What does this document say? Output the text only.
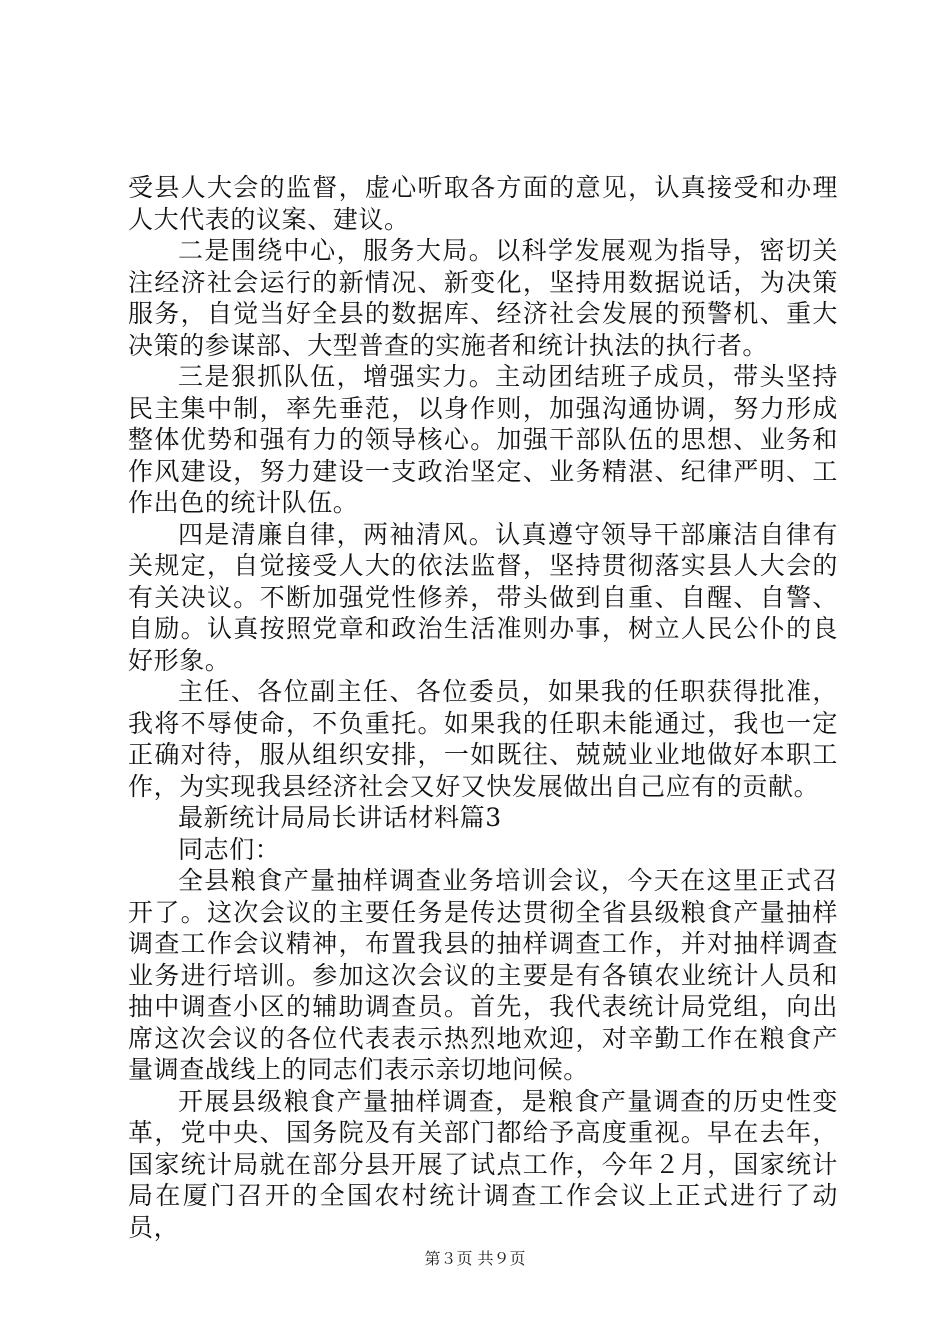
受县人大会的监督，虚心听取各方面的意见，认真接受和办理人大代表的议案、建议。

二是围绕中心，服务大局。以科学发展观为指导，密切关注经济社会运行的新情况、新变化，坚持用数据说话，为决策服务，自觉当好全县的数据库、经济社会发展的预警机、重大决策的参谋部、大型普查的实施者和统计执法的执行者。

三是狠抓队伍，增强实力。主动团结班子成员，带头坚持民主集中制，率先垂范，以身作则，加强沟通协调，努力形成整体优势和强有力的领导核心。加强干部队伍的思想、业务和作风建设，努力建设一支政治坚定、业务精湛、纪律严明、工作出色的统计队伍。

四是清廉自律，两袖清风。认真遵守领导干部廉洁自律有关规定，自觉接受人大的依法监督，坚持贯彻落实县人大会的有关决议。不断加强党性修养，带头做到自重、自醒、自警、自励。认真按照党章和政治生活准则办事，树立人民公仆的良好形象。

主任、各位副主任、各位委员，如果我的任职获得批准，我将不辱使命，不负重托。如果我的任职未能通过，我也一定正确对待，服从组织安排，一如既往、兢兢业业地做好本职工作，为实现我县经济社会又好又快发展做出自己应有的贡献。

最新统计局局长讲话材料篇3

同志们：

全县粮食产量抽样调查业务培训会议，今天在这里正式召开了。这次会议的主要任务是传达贯彻全省县级粮食产量抽样调查工作会议精神，布置我县的抽样调查工作，并对抽样调查业务进行培训。参加这次会议的主要是有各镇农业统计人员和抽中调查小区的辅助调查员。首先，我代表统计局党组，向出席这次会议的各位代表表示热烈地欢迎，对辛勤工作在粮食产量调查战线上的同志们表示亲切地问候。

开展县级粮食产量抽样调查，是粮食产量调查的历史性变革，党中央、国务院及有关部门都给予高度重视。早在去年，国家统计局就在部分县开展了试点工作，今年２月，国家统计局在厦门召开的全国农村统计调查工作会议上正式进行了动员，

第３页 共９页
